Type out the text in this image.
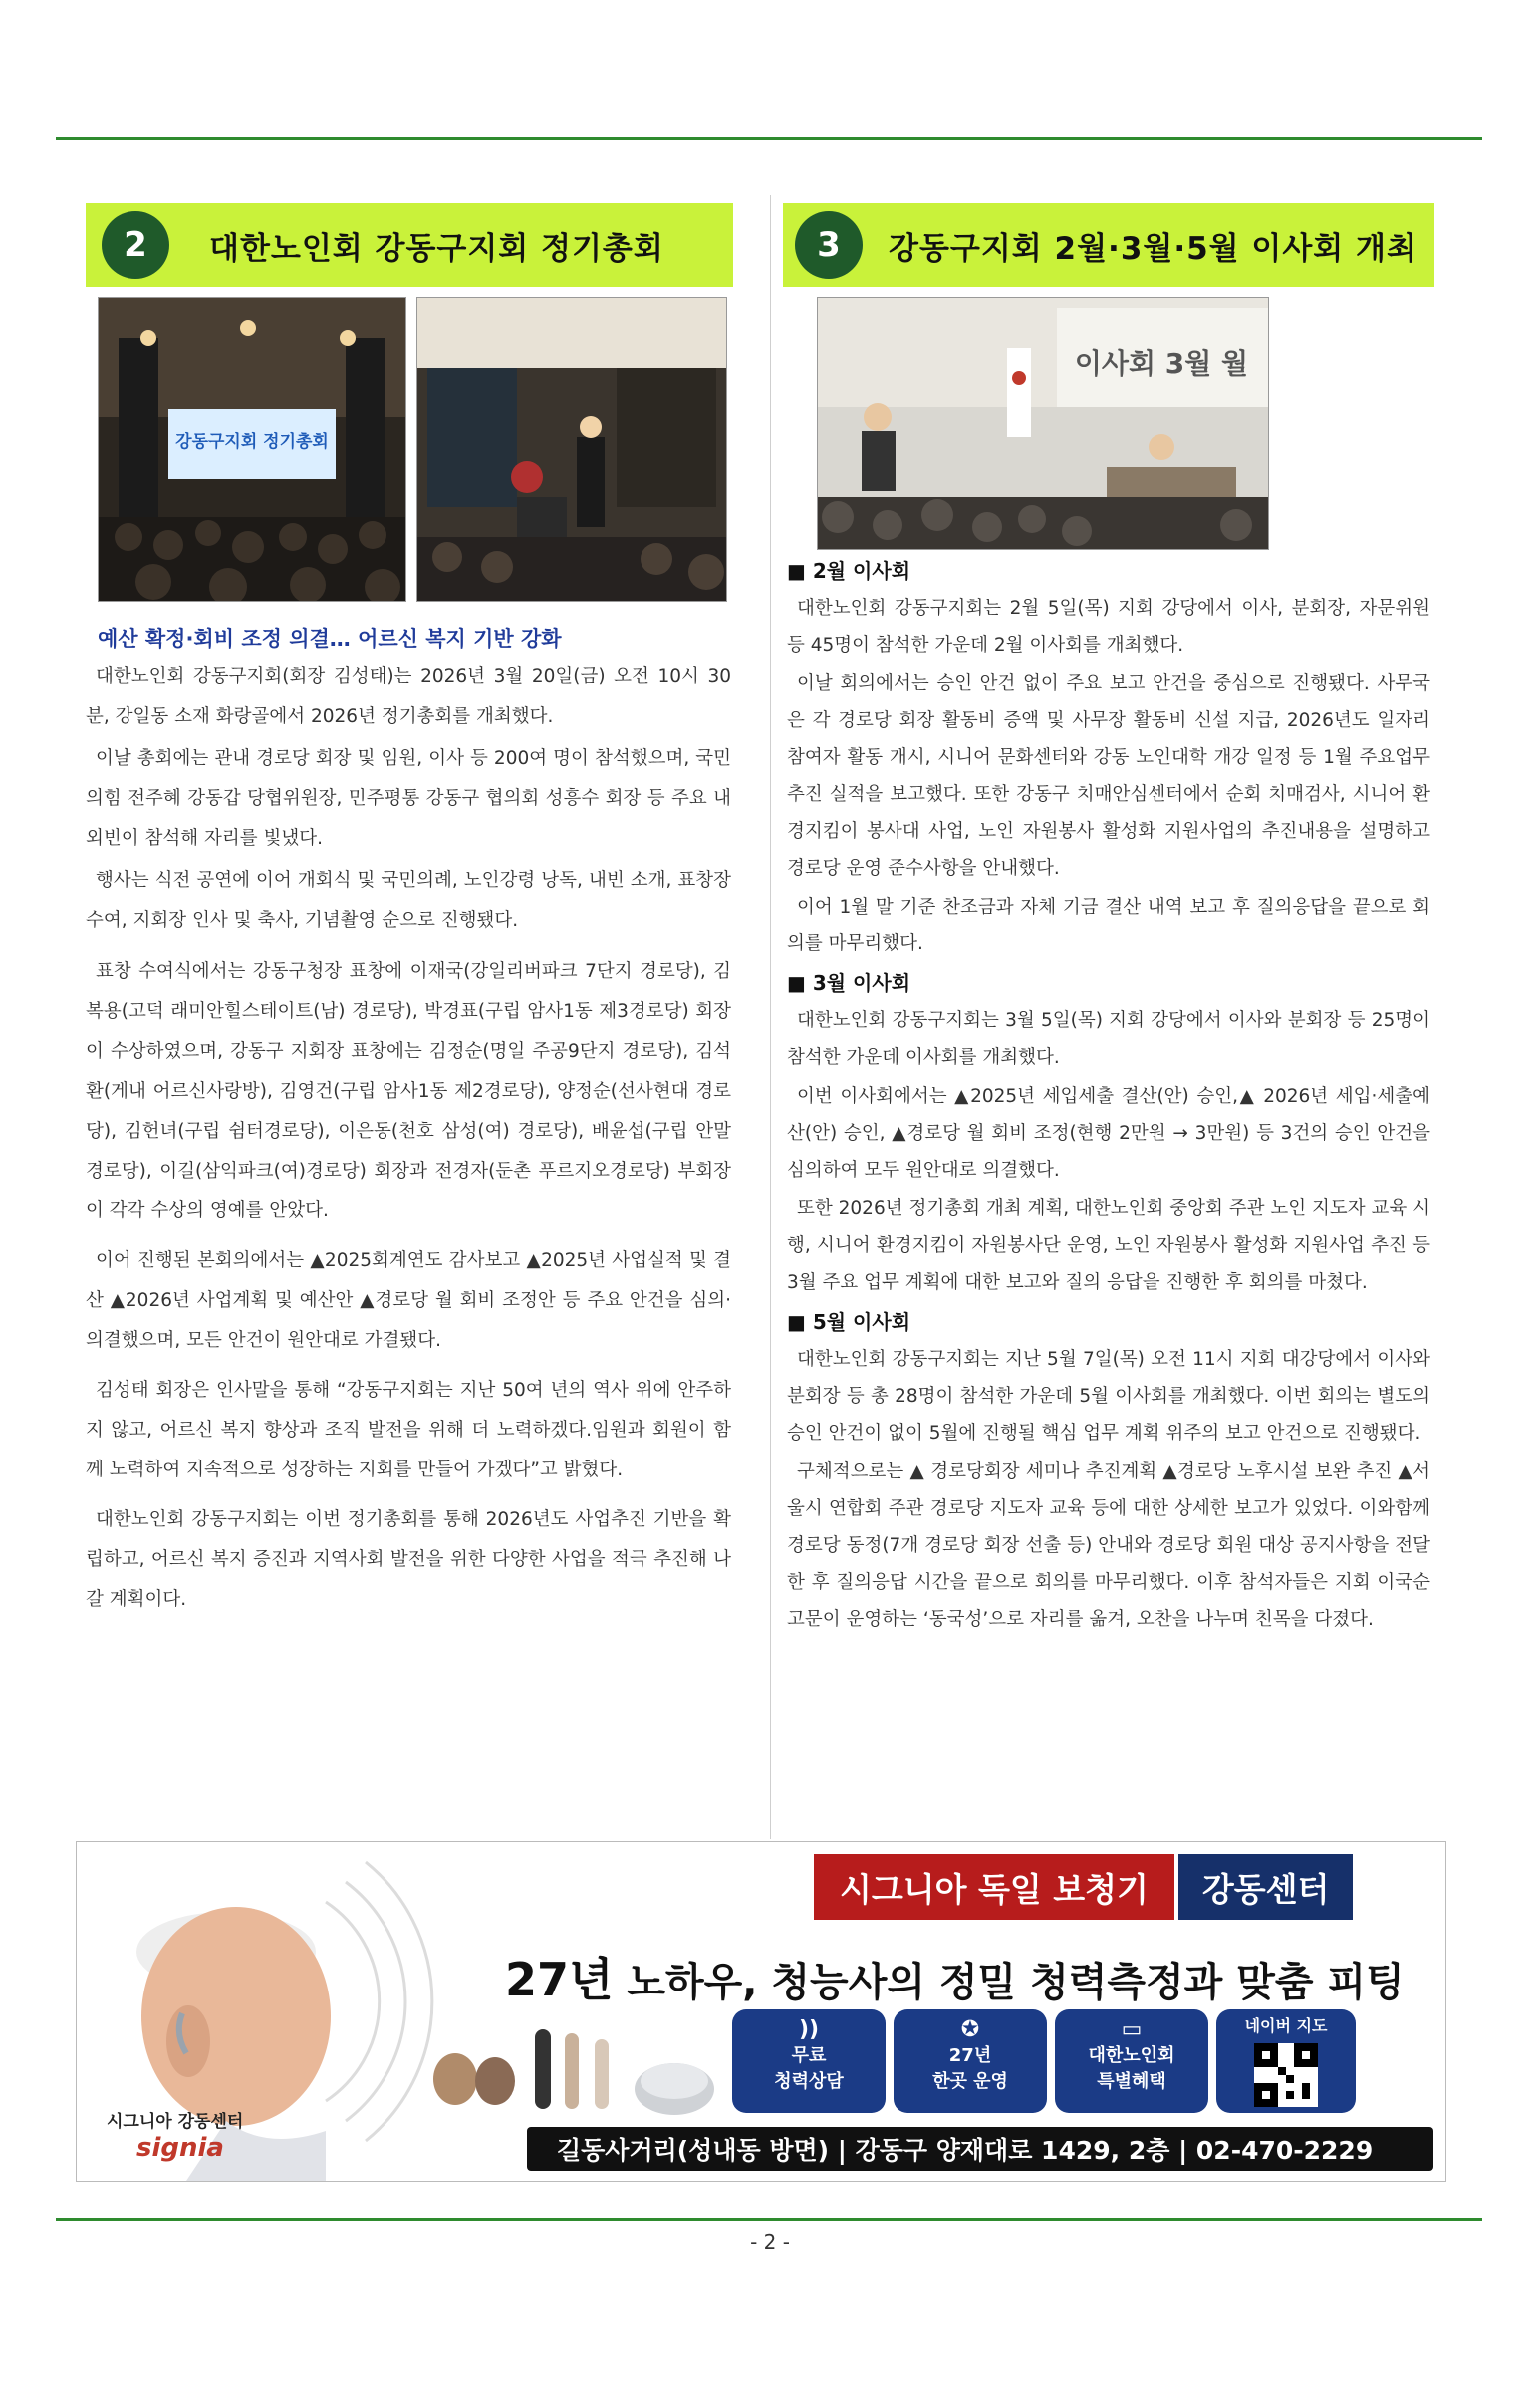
2	대한노인회 강동구지회 정기총회
강동구지회 정기총회
예산 확정·회비 조정 의결… 어르신 복지 기반 강화

대한노인회 강동구지회(회장 김성태)는 2026년 3월 20일(금) 오전 10시 30분, 강일동 소재 화랑골에서 2026년 정기총회를 개최했다.

이날 총회에는 관내 경로당 회장 및 임원, 이사 등 200여 명이 참석했으며, 국민의힘 전주혜 강동갑 당협위원장, 민주평통 강동구 협의회 성흥수 회장 등 주요 내외빈이 참석해 자리를 빛냈다.

행사는 식전 공연에 이어 개회식 및 국민의례, 노인강령 낭독, 내빈 소개, 표창장 수여, 지회장 인사 및 축사, 기념촬영 순으로 진행됐다.

표창 수여식에서는 강동구청장 표창에 이재국(강일리버파크 7단지 경로당), 김복용(고덕 래미안힐스테이트(남) 경로당), 박경표(구립 암사1동 제3경로당) 회장이 수상하였으며, 강동구 지회장 표창에는 김정순(명일 주공9단지 경로당), 김석환(게내 어르신사랑방), 김영건(구립 암사1동 제2경로당), 양정순(선사현대 경로당), 김헌녀(구립 쉼터경로당), 이은동(천호 삼성(여) 경로당), 배윤섭(구립 안말경로당), 이길(삼익파크(여)경로당) 회장과 전경자(둔촌 푸르지오경로당) 부회장이 각각 수상의 영예를 안았다.

이어 진행된 본회의에서는 ▲2025회계연도 감사보고 ▲2025년 사업실적 및 결산 ▲2026년 사업계획 및 예산안 ▲경로당 월 회비 조정안 등 주요 안건을 심의·의결했으며, 모든 안건이 원안대로 가결됐다.

김성태 회장은 인사말을 통해 “강동구지회는 지난 50여 년의 역사 위에 안주하지 않고, 어르신 복지 향상과 조직 발전을 위해 더 노력하겠다.임원과 회원이 함께 노력하여 지속적으로 성장하는 지회를 만들어 가겠다”고 밝혔다.

대한노인회 강동구지회는 이번 정기총회를 통해 2026년도 사업추진 기반을 확립하고, 어르신 복지 증진과 지역사회 발전을 위한 다양한 사업을 적극 추진해 나갈 계획이다.

3	강동구지회 2월·3월·5월 이사회 개최
이사회 3월 월
■ 2월 이사회

대한노인회 강동구지회는 2월 5일(목) 지회 강당에서 이사, 분회장, 자문위원 등 45명이 참석한 가운데 2월 이사회를 개최했다.

이날 회의에서는 승인 안건 없이 주요 보고 안건을 중심으로 진행됐다. 사무국은 각 경로당 회장 활동비 증액 및 사무장 활동비 신설 지급, 2026년도 일자리 참여자 활동 개시, 시니어 문화센터와 강동 노인대학 개강 일정 등 1월 주요업무 추진 실적을 보고했다. 또한 강동구 치매안심센터에서 순회 치매검사, 시니어 환경지킴이 봉사대 사업, 노인 자원봉사 활성화 지원사업의 추진내용을 설명하고 경로당 운영 준수사항을 안내했다.

이어 1월 말 기준 찬조금과 자체 기금 결산 내역 보고 후 질의응답을 끝으로 회의를 마무리했다.

■ 3월 이사회

대한노인회 강동구지회는 3월 5일(목) 지회 강당에서 이사와 분회장 등 25명이 참석한 가운데 이사회를 개최했다.

이번 이사회에서는 ▲2025년 세입세출 결산(안) 승인,▲ 2026년 세입·세출예산(안) 승인, ▲경로당 월 회비 조정(현행 2만원 → 3만원) 등 3건의 승인 안건을 심의하여 모두 원안대로 의결했다.

또한 2026년 정기총회 개최 계획, 대한노인회 중앙회 주관 노인 지도자 교육 시행, 시니어 환경지킴이 자원봉사단 운영, 노인 자원봉사 활성화 지원사업 추진 등 3월 주요 업무 계획에 대한 보고와 질의 응답을 진행한 후 회의를 마쳤다.

■ 5월 이사회

대한노인회 강동구지회는 지난 5월 7일(목) 오전 11시 지회 대강당에서 이사와 분회장 등 총 28명이 참석한 가운데 5월 이사회를 개최했다. 이번 회의는 별도의 승인 안건이 없이 5월에 진행될 핵심 업무 계획 위주의 보고 안건으로 진행됐다.

구체적으로는 ▲ 경로당회장 세미나 추진계획 ▲경로당 노후시설 보완 추진 ▲서울시 연합회 주관 경로당 지도자 교육 등에 대한 상세한 보고가 있었다. 이와함께 경로당 동정(7개 경로당 회장 선출 등) 안내와 경로당 회원 대상 공지사항을 전달한 후 질의응답 시간을 끝으로 회의를 마무리했다. 이후 참석자들은 지회 이국순고문이 운영하는 ‘동국성’으로 자리를 옮겨, 오찬을 나누며 친목을 다졌다.

시그니아 강동센터
signia
시그니아 독일 보청기	강동센터
27년 노하우, 청능사의 정밀 청력측정과 맞춤 피팅
))
무료
청력상담
✪
27년
한곳 운영
▭
대한노인회
특별혜택
네이버 지도
길동사거리(성내동 방면) | 강동구 양재대로 1429, 2층 | 02-470-2229
- 2 -
